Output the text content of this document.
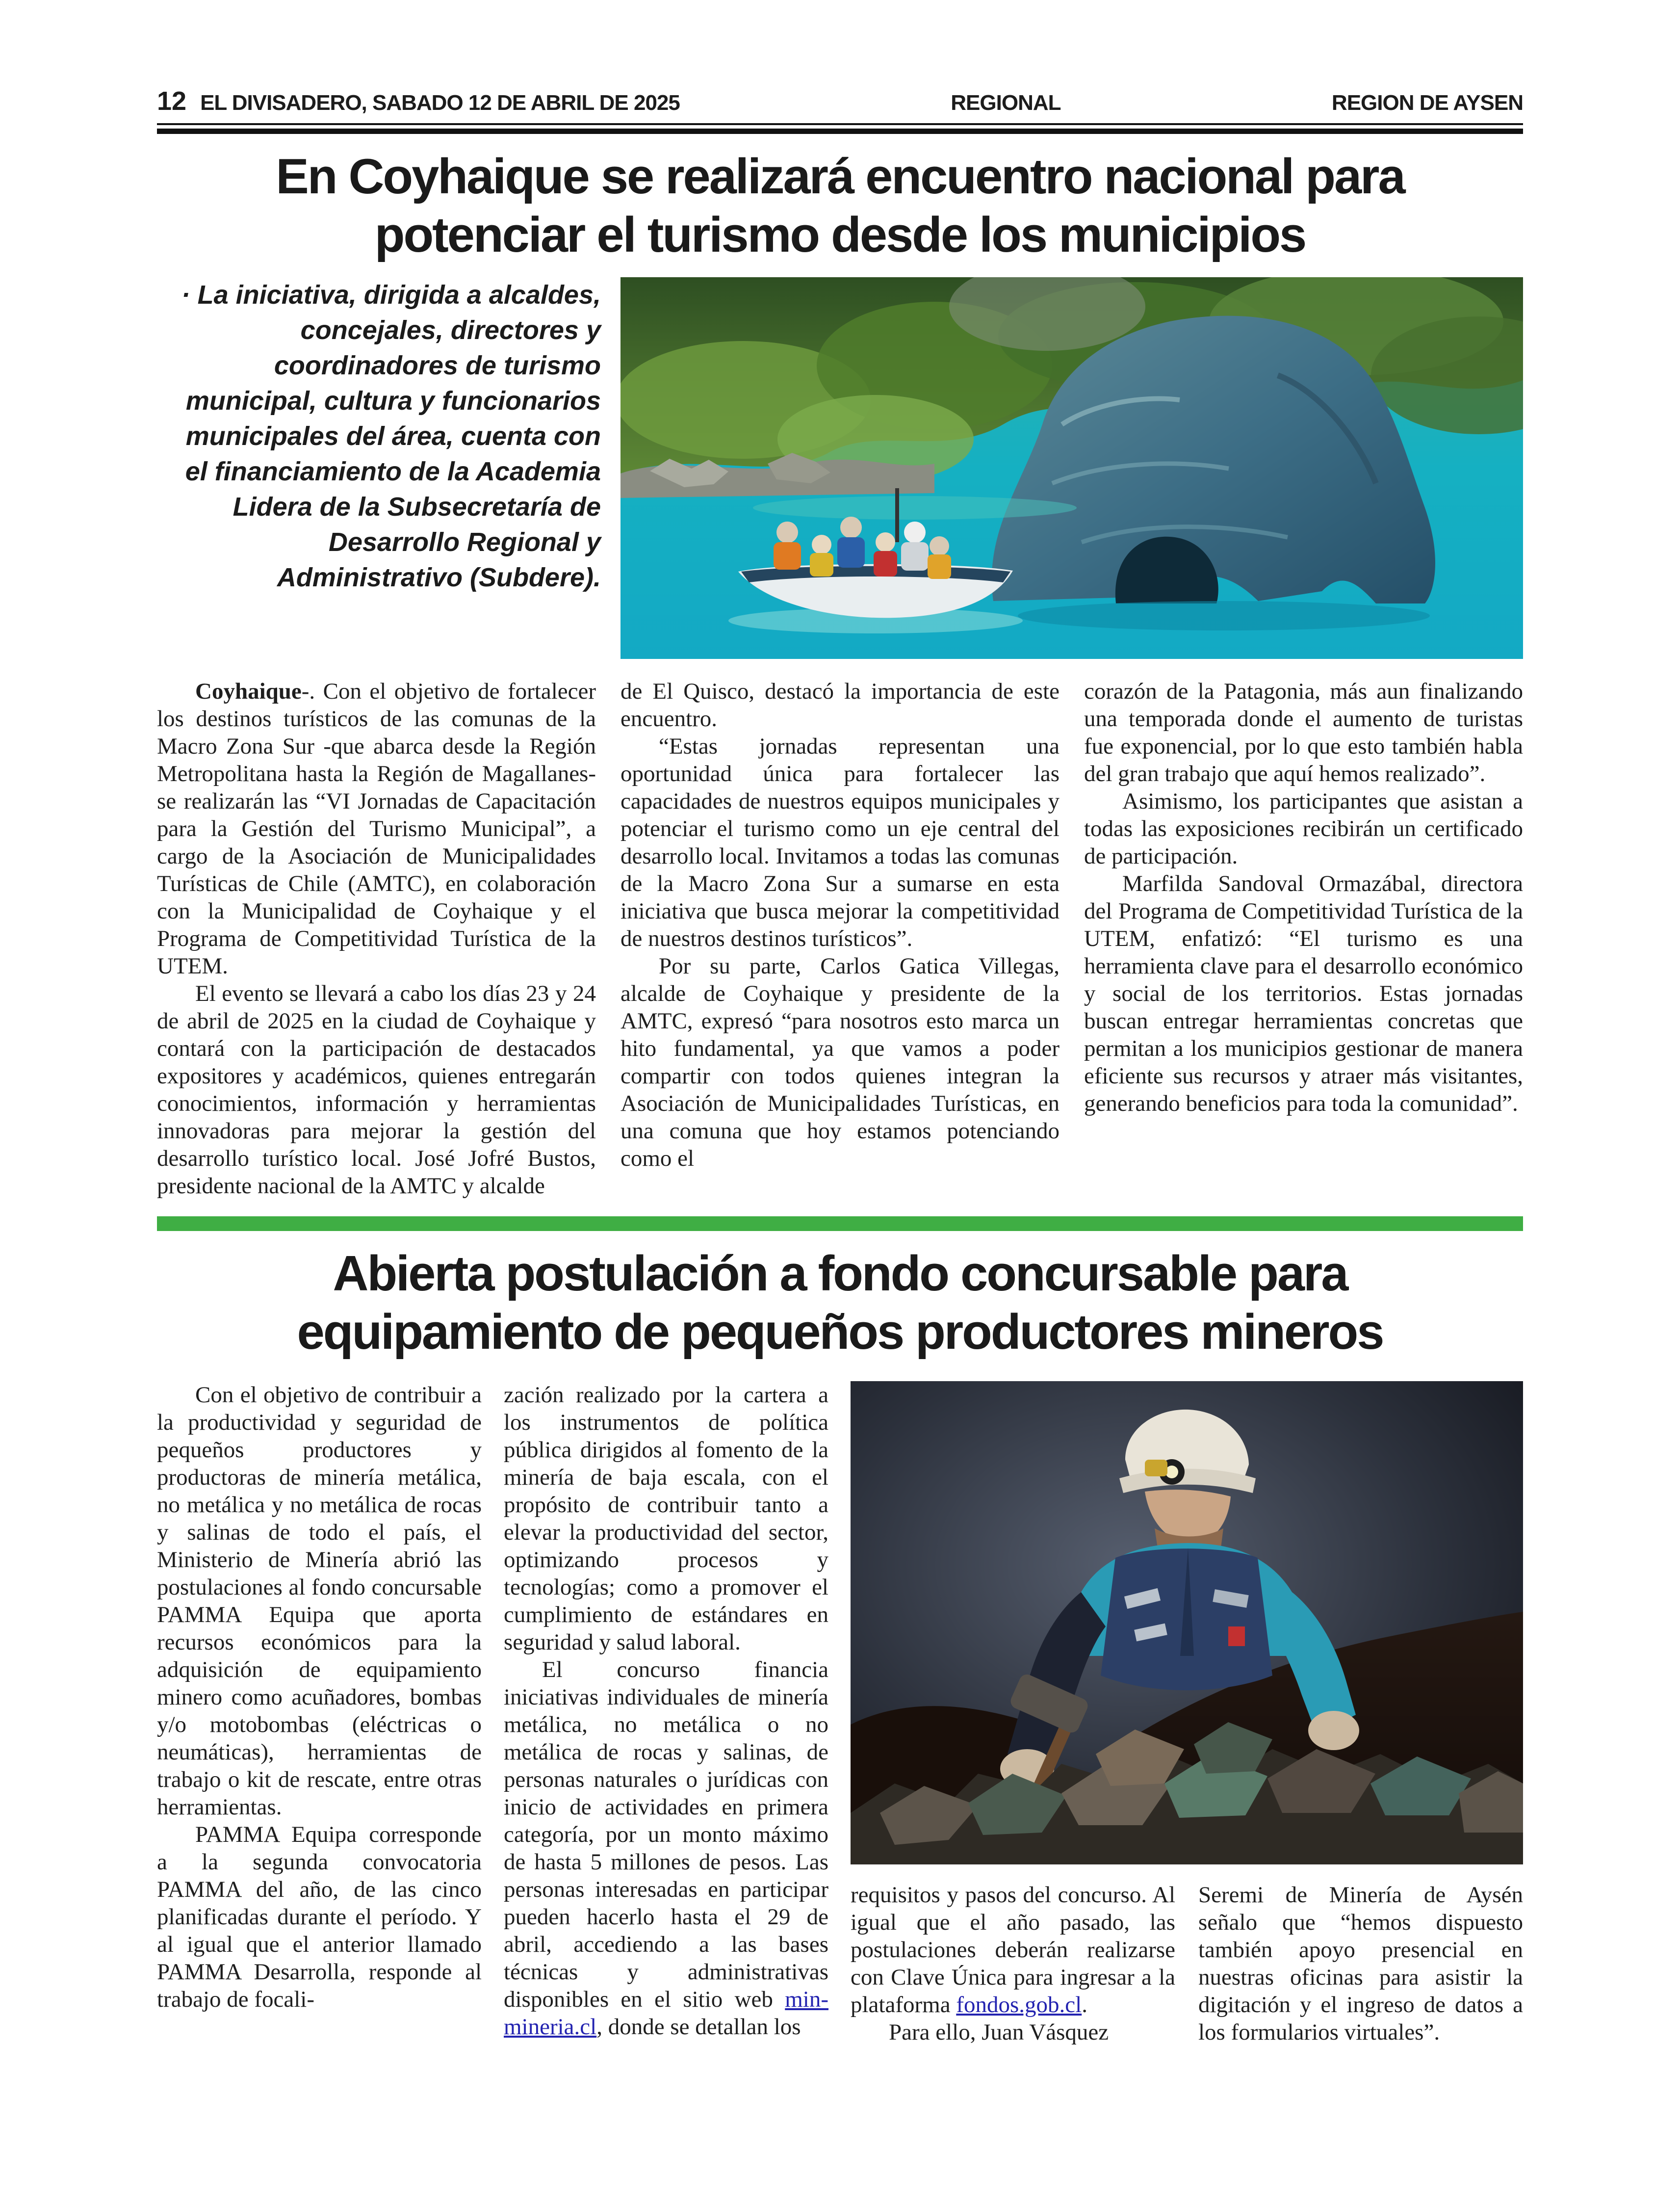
12 EL DIVISADERO, SABADO 12 DE ABRIL DE 2025	REGIONAL	REGION DE AYSEN
En Coyhaique se realizará encuentro nacional para
potenciar el turismo desde los municipios
· La iniciativa, dirigida a alcaldes, concejales, directores y coordinadores de turismo municipal, cultura y funcionarios municipales del área, cuenta con el financiamiento de la Academia Lidera de la Subsecretaría de Desarrollo Regional y Administrativo (Subdere).

Coyhaique-. Con el objetivo de fortalecer los destinos turísticos de las comunas de la Macro Zona Sur -que abarca desde la Región Metropolitana hasta la Región de Magallanes- se realizarán las “VI Jornadas de Capacitación para la Gestión del Turismo Municipal”, a cargo de la Asociación de Municipalidades Turísticas de Chile (AMTC), en colaboración con la Municipalidad de Coyhaique y el Programa de Competitividad Turística de la UTEM.

El evento se llevará a cabo los días 23 y 24 de abril de 2025 en la ciudad de Coyhaique y contará con la participación de destacados expositores y académicos, quienes entregarán conocimientos, información y herramientas innovadoras para mejorar la gestión del desarrollo turístico local. José Jofré Bustos, presidente nacional de la AMTC y alcalde

de El Quisco, destacó la importancia de este encuentro.

“Estas jornadas representan una oportunidad única para fortalecer las capacidades de nuestros equipos municipales y potenciar el turismo como un eje central del desarrollo local. Invitamos a todas las comunas de la Macro Zona Sur a sumarse en esta iniciativa que busca mejorar la competitividad de nuestros destinos turísticos”.

Por su parte, Carlos Gatica Villegas, alcalde de Coyhaique y presidente de la AMTC, expresó “para nosotros esto marca un hito fundamental, ya que vamos a poder compartir con todos quienes integran la Asociación de Municipalidades Turísticas, en una comuna que hoy estamos potenciando como el

corazón de la Patagonia, más aun finalizando una temporada donde el aumento de turistas fue exponencial, por lo que esto también habla del gran trabajo que aquí hemos realizado”.

Asimismo, los participantes que asistan a todas las exposiciones recibirán un certificado de participación.

Marfilda Sandoval Ormazábal, directora del Programa de Competitividad Turística de la UTEM, enfatizó: “El turismo es una herramienta clave para el desarrollo económico y social de los territorios. Estas jornadas buscan entregar herramientas concretas que permitan a los municipios gestionar de manera eficiente sus recursos y atraer más visitantes, generando beneficios para toda la comunidad”.

Abierta postulación a fondo concursable para
equipamiento de pequeños productores mineros

Con el objetivo de contribuir a la productividad y seguridad de pequeños productores y productoras de minería metálica, no metálica y no metálica de rocas y salinas de todo el país, el Ministerio de Minería abrió las postulaciones al fondo concursable PAMMA Equipa que aporta recursos económicos para la adquisición de equipamiento minero como acuñadores, bombas y/o motobombas (eléctricas o neumáticas), herramientas de trabajo o kit de rescate, entre otras herramientas.

PAMMA Equipa corresponde a la segunda convocatoria PAMMA del año, de las cinco planificadas durante el período. Y al igual que el anterior llamado PAMMA Desarrolla, responde al trabajo de focali-

zación realizado por la cartera a los instrumentos de política pública dirigidos al fomento de la minería de baja escala, con el propósito de contribuir tanto a elevar la productividad del sector, optimizando procesos y tecnologías; como a promover el cumplimiento de estándares en seguridad y salud laboral.

El concurso financia iniciativas individuales de minería metálica, no metálica o no metálica de rocas y salinas, de personas naturales o jurídicas con inicio de actividades en primera categoría, por un monto máximo de hasta 5 millones de pesos. Las personas interesadas en participar pueden hacerlo hasta el 29 de abril, accediendo a las bases técnicas y administrativas disponibles en el sitio web min-mineria.cl, donde se detallan los

requisitos y pasos del concurso. Al igual que el año pasado, las postulaciones deberán realizarse con Clave Única para ingresar a la plataforma fondos.gob.cl.

Para ello, Juan Vásquez

Seremi de Minería de Aysén señalo que “hemos dispuesto también apoyo presencial en nuestras oficinas para asistir la digitación y el ingreso de datos a los formularios virtuales”.
